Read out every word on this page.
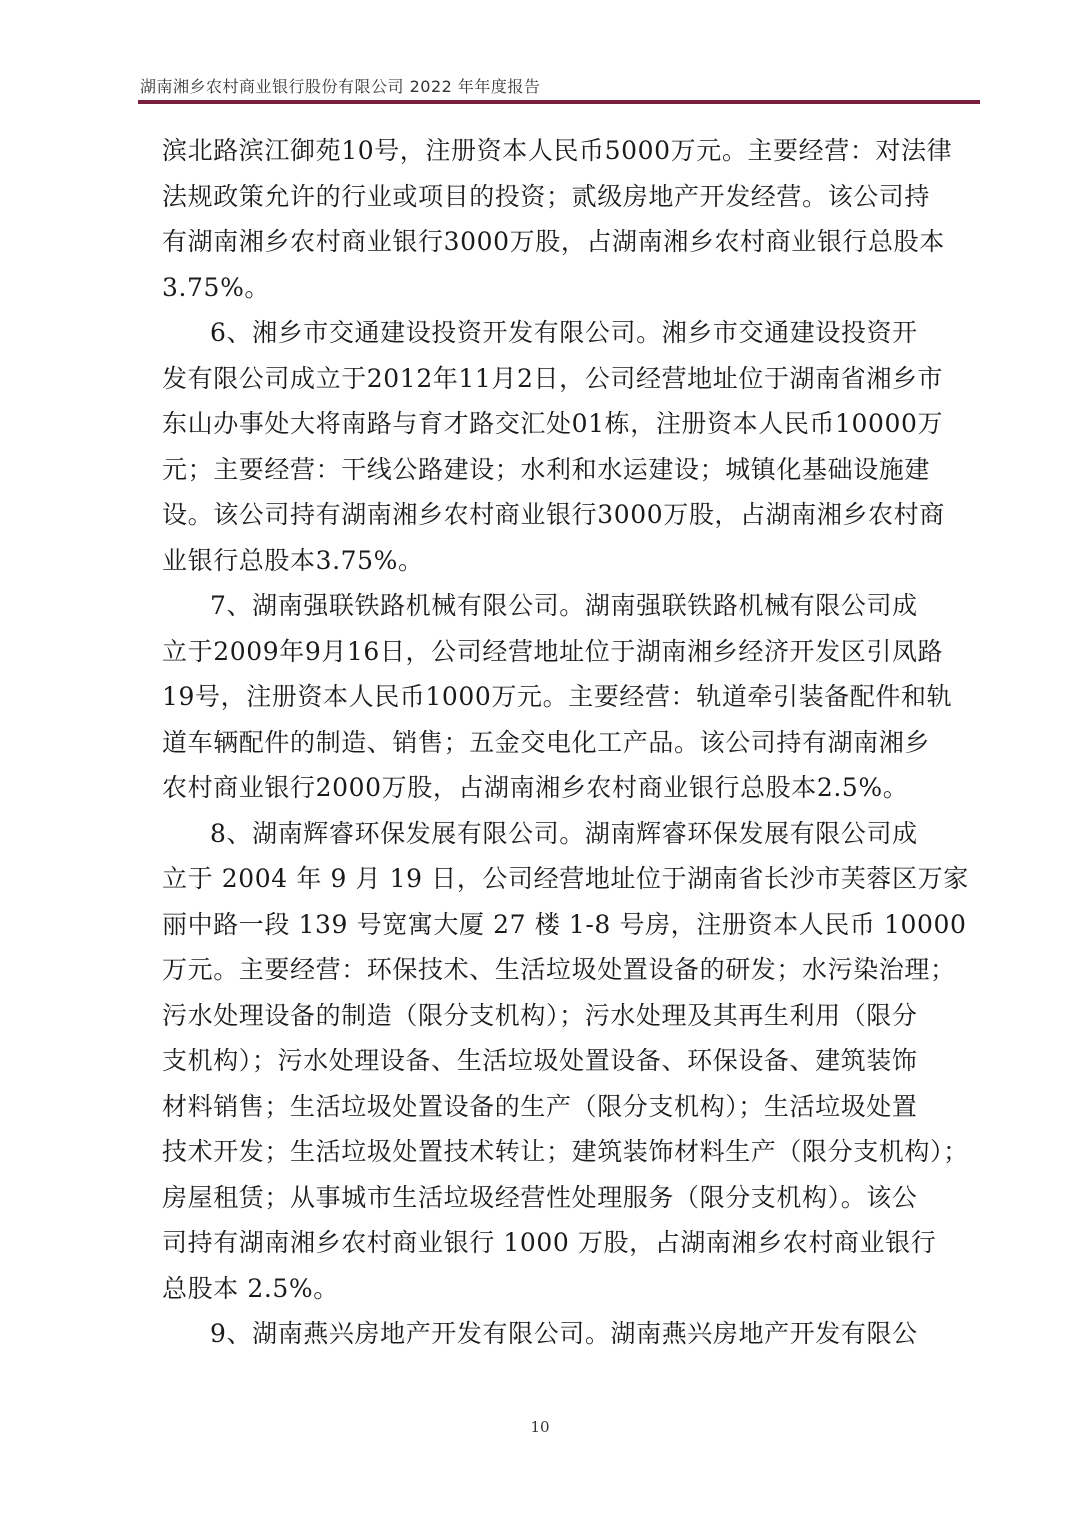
湖南湘乡农村商业银行股份有限公司 2022 年年度报告
滨北路滨江御苑10号，注册资本人民币5000万元。主要经营：对法律
法规政策允许的行业或项目的投资；贰级房地产开发经营。该公司持
有湖南湘乡农村商业银行3000万股，占湖南湘乡农村商业银行总股本
3.75%。
6、湘乡市交通建设投资开发有限公司。湘乡市交通建设投资开
发有限公司成立于2012年11月2日，公司经营地址位于湖南省湘乡市
东山办事处大将南路与育才路交汇处01栋，注册资本人民币10000万
元；主要经营：干线公路建设；水利和水运建设；城镇化基础设施建
设。该公司持有湖南湘乡农村商业银行3000万股，占湖南湘乡农村商
业银行总股本3.75%。
7、湖南强联铁路机械有限公司。湖南强联铁路机械有限公司成
立于2009年9月16日，公司经营地址位于湖南湘乡经济开发区引凤路
19号，注册资本人民币1000万元。主要经营：轨道牵引装备配件和轨
道车辆配件的制造、销售；五金交电化工产品。该公司持有湖南湘乡
农村商业银行2000万股，占湖南湘乡农村商业银行总股本2.5%。
8、湖南辉睿环保发展有限公司。湖南辉睿环保发展有限公司成
立于 2004 年 9 月 19 日，公司经营地址位于湖南省长沙市芙蓉区万家
丽中路一段 139 号宽寓大厦 27 楼 1-8 号房，注册资本人民币 10000
万元。主要经营：环保技术、生活垃圾处置设备的研发；水污染治理；
污水处理设备的制造（限分支机构）；污水处理及其再生利用（限分
支机构）；污水处理设备、生活垃圾处置设备、环保设备、建筑装饰
材料销售；生活垃圾处置设备的生产（限分支机构）；生活垃圾处置
技术开发；生活垃圾处置技术转让；建筑装饰材料生产（限分支机构）；
房屋租赁；从事城市生活垃圾经营性处理服务（限分支机构）。该公
司持有湖南湘乡农村商业银行 1000 万股，占湖南湘乡农村商业银行
总股本 2.5%。
9、湖南燕兴房地产开发有限公司。湖南燕兴房地产开发有限公
10
